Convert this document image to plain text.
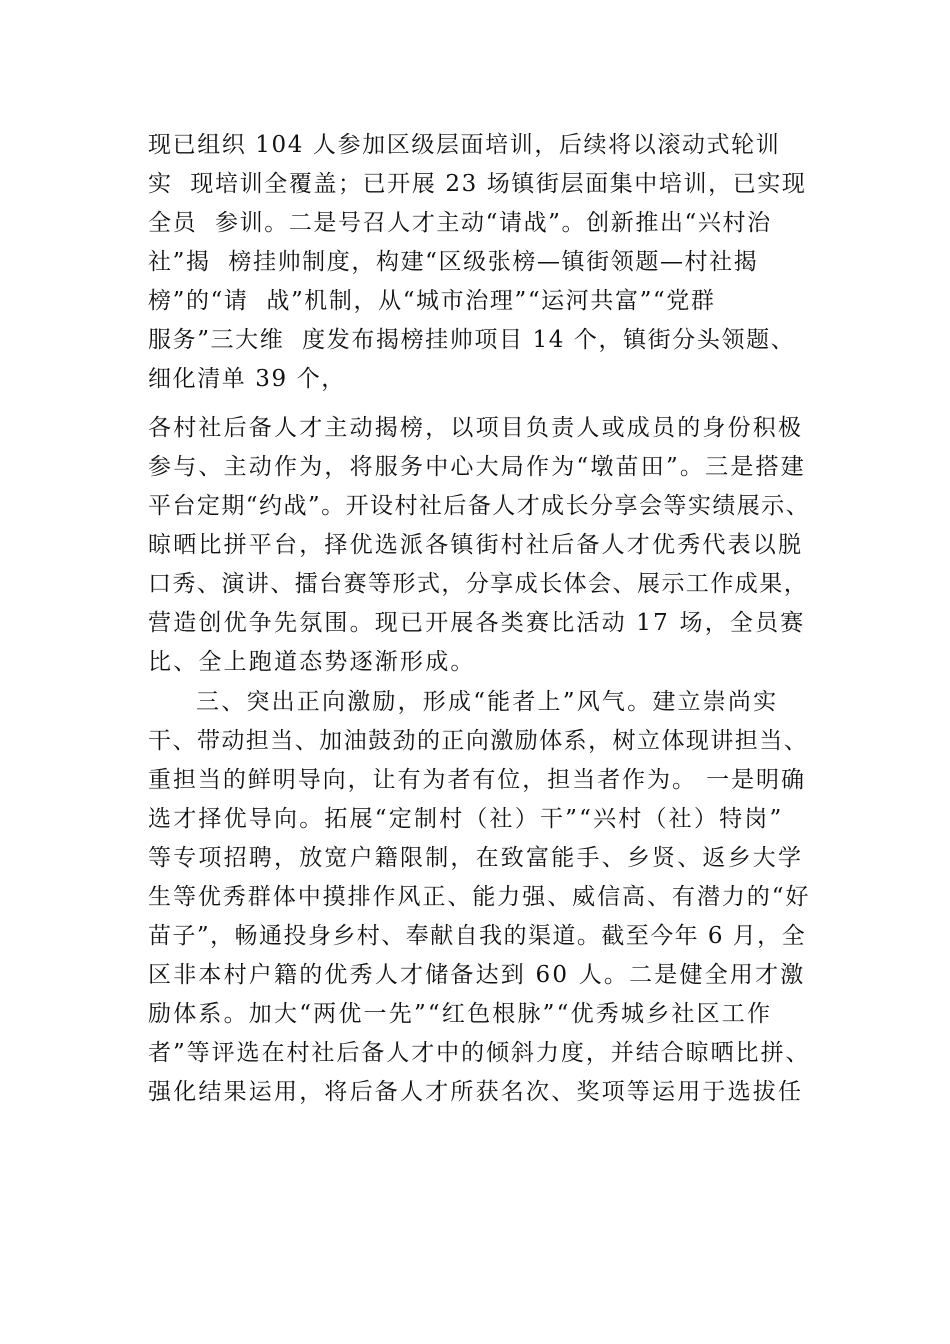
现已组织 104 人参加区级层面培训，后续将以滚动式轮训
实  现培训全覆盖；已开展 23 场镇街层面集中培训，已实现
全员  参训。二是号召人才主动“请战”。创新推出“兴村治
社”揭  榜挂帅制度，构建“区级张榜—镇街领题—村社揭
榜”的“请  战”机制，从“城市治理”“运河共富”“党群
服务”三大维  度发布揭榜挂帅项目 14 个，镇街分头领题、
细化清单 39 个，
各村社后备人才主动揭榜，以项目负责人或成员的身份积极
参与、主动作为，将服务中心大局作为“墩苗田”。三是搭建
平台定期“约战”。开设村社后备人才成长分享会等实绩展示、
晾晒比拼平台，择优选派各镇街村社后备人才优秀代表以脱
口秀、演讲、擂台赛等形式，分享成长体会、展示工作成果，
营造创优争先氛围。现已开展各类赛比活动 17 场，全员赛
比、全上跑道态势逐渐形成。
三、突出正向激励，形成“能者上”风气。建立崇尚实
干、带动担当、加油鼓劲的正向激励体系，树立体现讲担当、
重担当的鲜明导向，让有为者有位，担当者作为。 一是明确
选才择优导向。拓展“定制村（社）干”“兴村（社）特岗”
等专项招聘，放宽户籍限制，在致富能手、乡贤、返乡大学
生等优秀群体中摸排作风正、能力强、威信高、有潜力的“好
苗子”，畅通投身乡村、奉献自我的渠道。截至今年 6 月，全
区非本村户籍的优秀人才储备达到 60 人。二是健全用才激
励体系。加大“两优一先”“红色根脉”“优秀城乡社区工作
者”等评选在村社后备人才中的倾斜力度，并结合晾晒比拼、
强化结果运用，将后备人才所获名次、奖项等运用于选拔任
